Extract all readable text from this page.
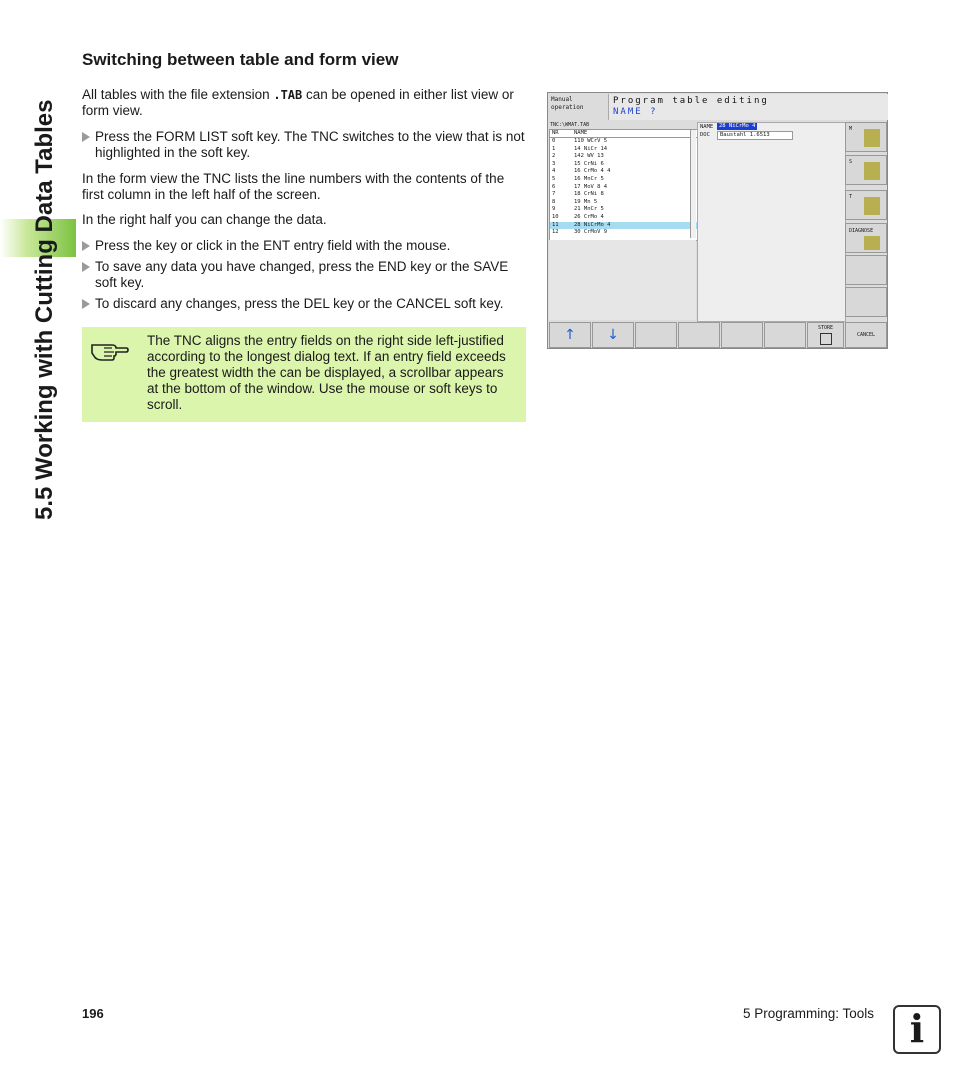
5.5 Working with Cutting Data Tables
Switching between table and form view
All tables with the file extension .TAB can be opened in either list view or form view.
Press the FORM LIST soft key. The TNC switches to the view that is not highlighted in the soft key.
In the form view the TNC lists the line numbers with the contents of the first column in the left half of the screen.
In the right half you can change the data.
Press the key or click in the ENT entry field with the mouse.
To save any data you have changed, press the END key or the SAVE soft key.
To discard any changes, press the DEL key or the CANCEL soft key.
The TNC aligns the entry fields on the right side left-justified according to the longest dialog text. If an entry field exceeds the greatest width the can be displayed, a scrollbar appears at the bottom of the window. Use the mouse or soft keys to scroll.
Manual
operation
Program table editing
NAME ?
TNC:\WMAT.TAB
NR	NAME
0	110 WCrV 5
1	14 NiCr 14
2	142 WV 13
3	15 CrNi 6
4	16 CrMo 4 4
5	16 MnCr 5
6	17 MoV 8 4
7	18 CrNi 8
8	19 Mn 5
9	21 MnCr 5
10	26 CrMo 4
11	28 NiCrMo 4
12	30 CrMoV 9
NAME	28 NiCrMo 4
DOC	Baustahl 1.6513
M
S
T
DIAGNOSE
↑	↓	STORE
CANCEL
196	5 Programming: Tools i
